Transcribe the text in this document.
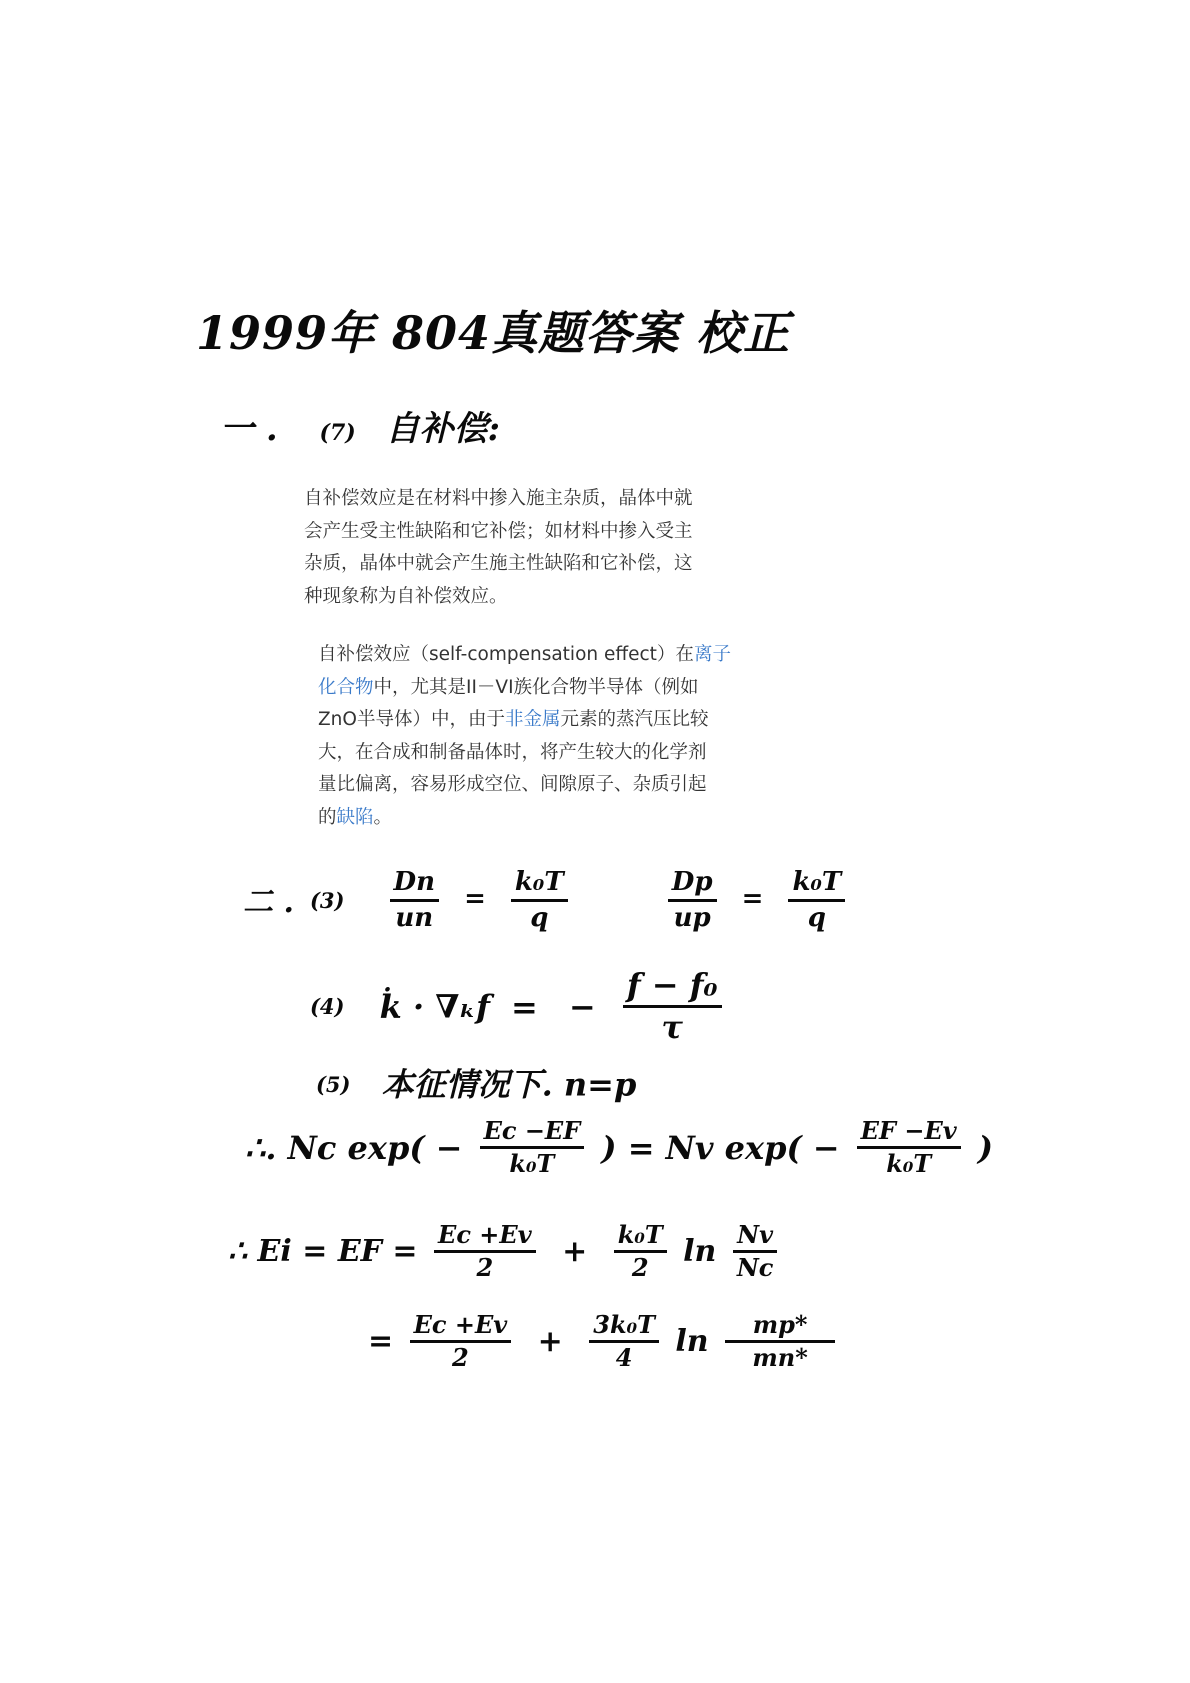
1999年 804真题答案 校正
一 . (7) 自补偿:
自补偿效应是在材料中掺入施主杂质，晶体中就
会产生受主性缺陷和它补偿；如材料中掺入受主
杂质，晶体中就会产生施主性缺陷和它补偿，这
种现象称为自补偿效应。
自补偿效应（self-compensation effect）在离子
化合物中，尤其是II－VI族化合物半导体（例如
ZnO半导体）中，由于非金属元素的蒸汽压比较
大，在合成和制备晶体时，将产生较大的化学剂
量比偏离，容易形成空位、间隙原子、杂质引起
的缺陷。
二 . $(3) \frac{Dn}{un} = \frac{\text{k₀T}}{q}$
	$\frac{Dp}{up} = \frac{\text{k₀T}}{q}$
(4) k̇ · ∇ₖf = − $\frac{\text{f − f₀}}{\tau}$
(5) 本征情况下. n=p
∴. Nc $\exp( - \frac{Ec -EF}{\text{k₀T}}$ ) = Nv $\exp( - \frac{EF -Ev}{\text{k₀T}}$ )
∴ Ei = EF = $\frac{Ec +Ev}{2} + \frac{\text{k₀T}}{2}$ $\ln \frac{Nv}{Nc}$
= $\frac{Ec +Ev}{2} + \frac{\text{3k₀T}}{4}$ $\ln \frac{mp*}{mn*}$
